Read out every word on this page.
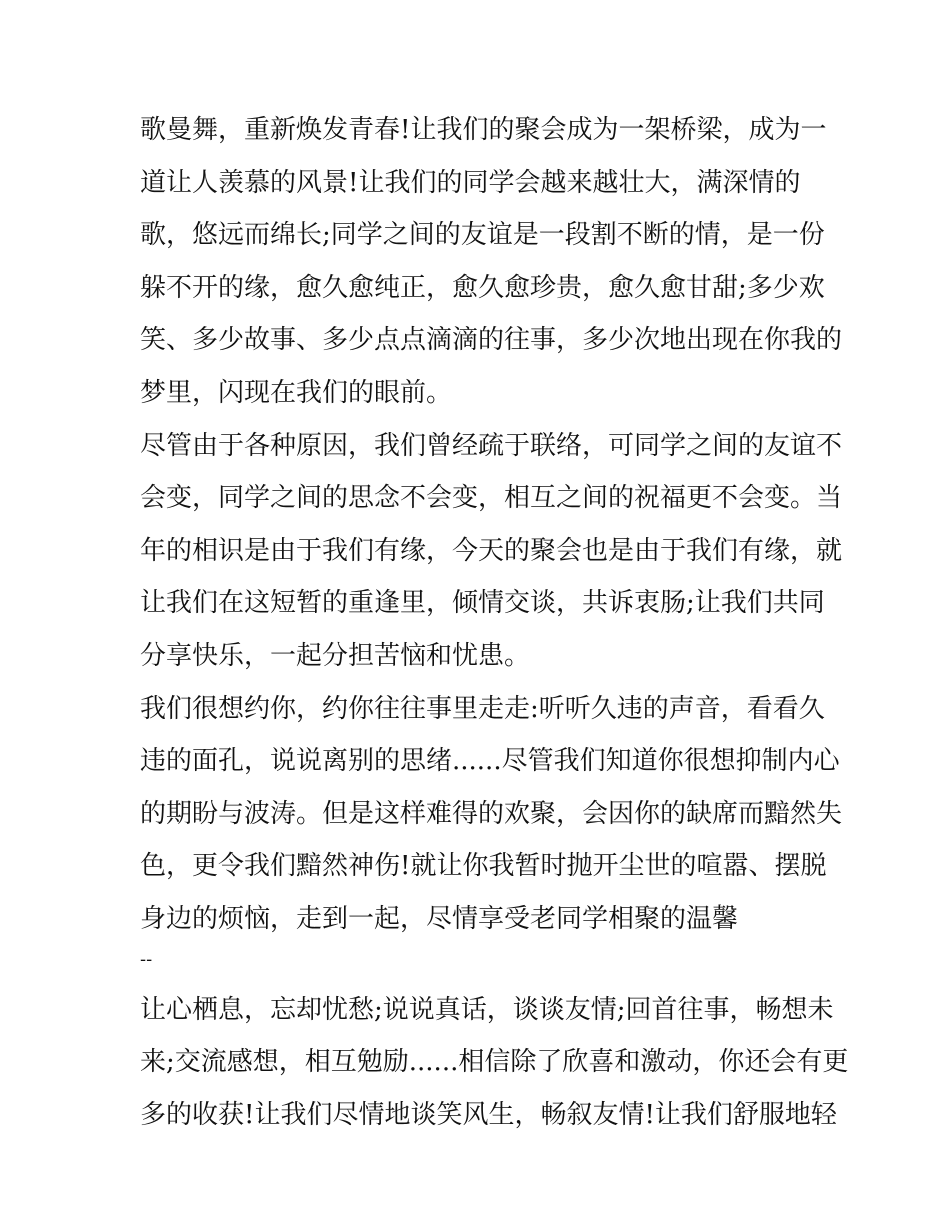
歌曼舞，重新焕发青春!让我们的聚会成为一架桥梁，成为一
道让人羡慕的风景!让我们的同学会越来越壮大，满深情的
歌，悠远而绵长;同学之间的友谊是一段割不断的情，是一份
躲不开的缘，愈久愈纯正，愈久愈珍贵，愈久愈甘甜;多少欢
笑、多少故事、多少点点滴滴的往事，多少次地出现在你我的
梦里，闪现在我们的眼前。
尽管由于各种原因，我们曾经疏于联络，可同学之间的友谊不
会变，同学之间的思念不会变，相互之间的祝福更不会变。当
年的相识是由于我们有缘，今天的聚会也是由于我们有缘，就
让我们在这短暂的重逢里，倾情交谈，共诉衷肠;让我们共同
分享快乐，一起分担苦恼和忧患。
我们很想约你，约你往往事里走走:听听久违的声音，看看久
违的面孔，说说离别的思绪......尽管我们知道你很想抑制内心
的期盼与波涛。但是这样难得的欢聚，会因你的缺席而黯然失
色，更令我们黯然神伤!就让你我暂时抛开尘世的喧嚣、摆脱
身边的烦恼，走到一起，尽情享受老同学相聚的温馨
--
让心栖息，忘却忧愁;说说真话，谈谈友情;回首往事，畅想未
来;交流感想，相互勉励......相信除了欣喜和激动，你还会有更
多的收获!让我们尽情地谈笑风生，畅叙友情!让我们舒服地轻
